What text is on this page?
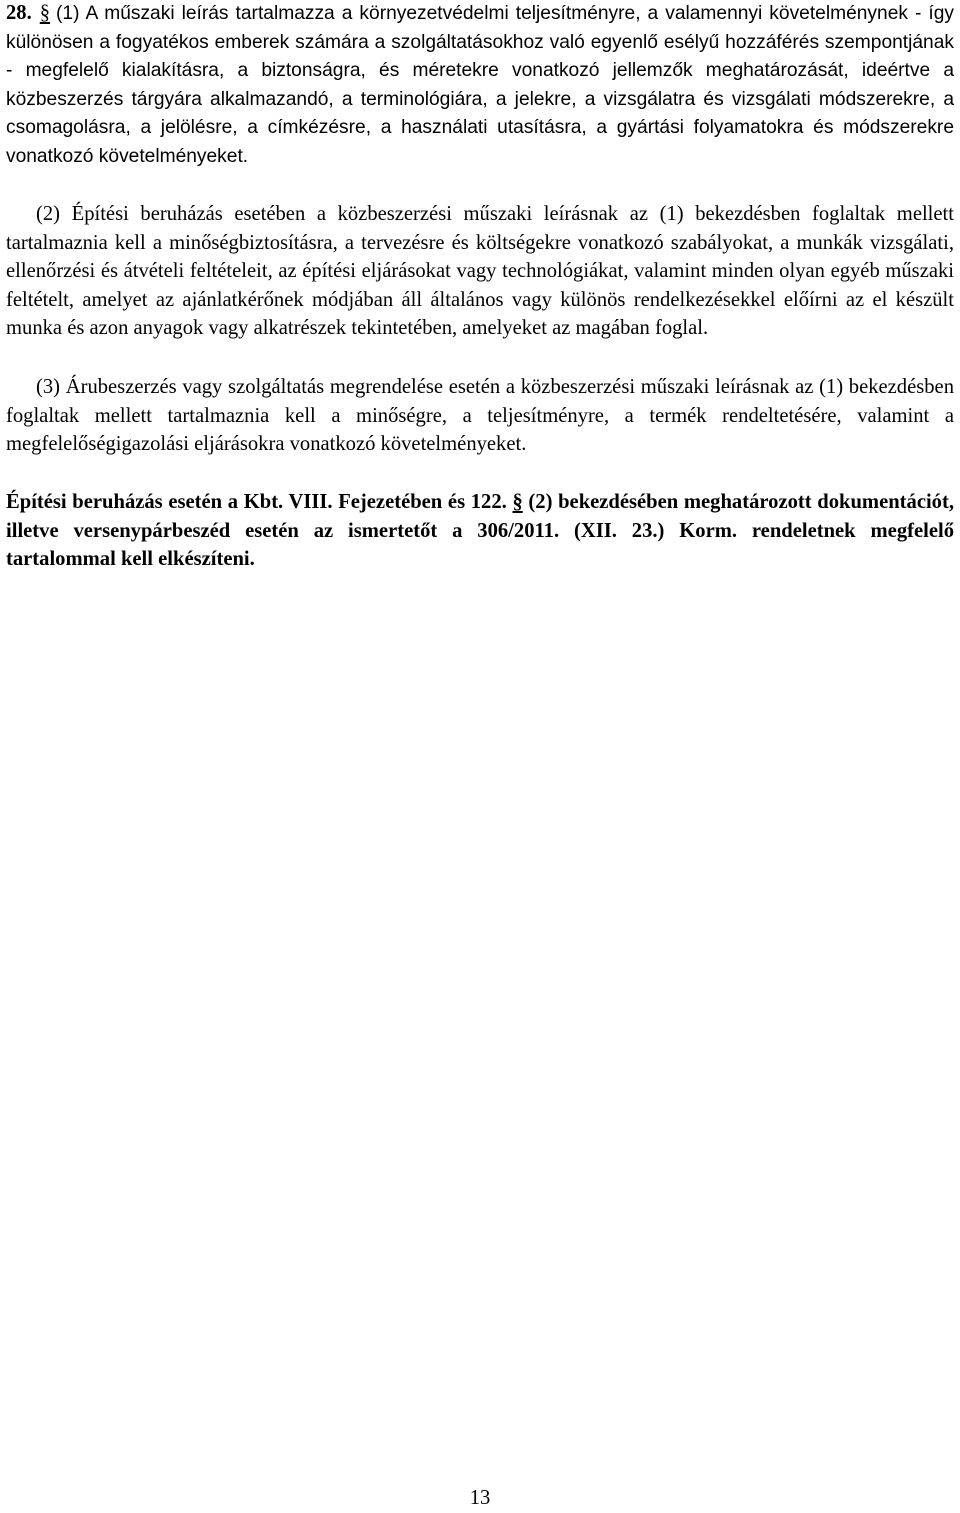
28. § (1) A műszaki leírás tartalmazza a környezetvédelmi teljesítményre, a valamennyi követelménynek - így különösen a fogyatékos emberek számára a szolgáltatásokhoz való egyenlő esélyű hozzáférés szempontjának - megfelelő kialakításra, a biztonságra, és méretekre vonatkozó jellemzők meghatározását, ideértve a közbeszerzés tárgyára alkalmazandó, a terminológiára, a jelekre, a vizsgálatra és vizsgálati módszerekre, a csomagolásra, a jelölésre, a címkézésre, a használati utasításra, a gyártási folyamatokra és módszerekre vonatkozó követelményeket.

(2) Építési beruházás esetében a közbeszerzési műszaki leírásnak az (1) bekezdésben foglaltak mellett tartalmaznia kell a minőségbiztosításra, a tervezésre és költségekre vonatkozó szabályokat, a munkák vizsgálati, ellenőrzési és átvételi feltételeit, az építési eljárásokat vagy technológiákat, valamint minden olyan egyéb műszaki feltételt, amelyet az ajánlatkérőnek módjában áll általános vagy különös rendelkezésekkel előírni az el készült munka és azon anyagok vagy alkatrészek tekintetében, amelyeket az magában foglal.

(3) Árubeszerzés vagy szolgáltatás megrendelése esetén a közbeszerzési műszaki leírásnak az (1) bekezdésben foglaltak mellett tartalmaznia kell a minőségre, a teljesítményre, a termék rendeltetésére, valamint a megfelelőségigazolási eljárásokra vonatkozó követelményeket.

Építési beruházás esetén a Kbt. VIII. Fejezetében és 122. § (2) bekezdésében meghatározott dokumentációt, illetve versenypárbeszéd esetén az ismertetőt a 306/2011. (XII. 23.) Korm. rendeletnek megfelelő tartalommal kell elkészíteni.

13
